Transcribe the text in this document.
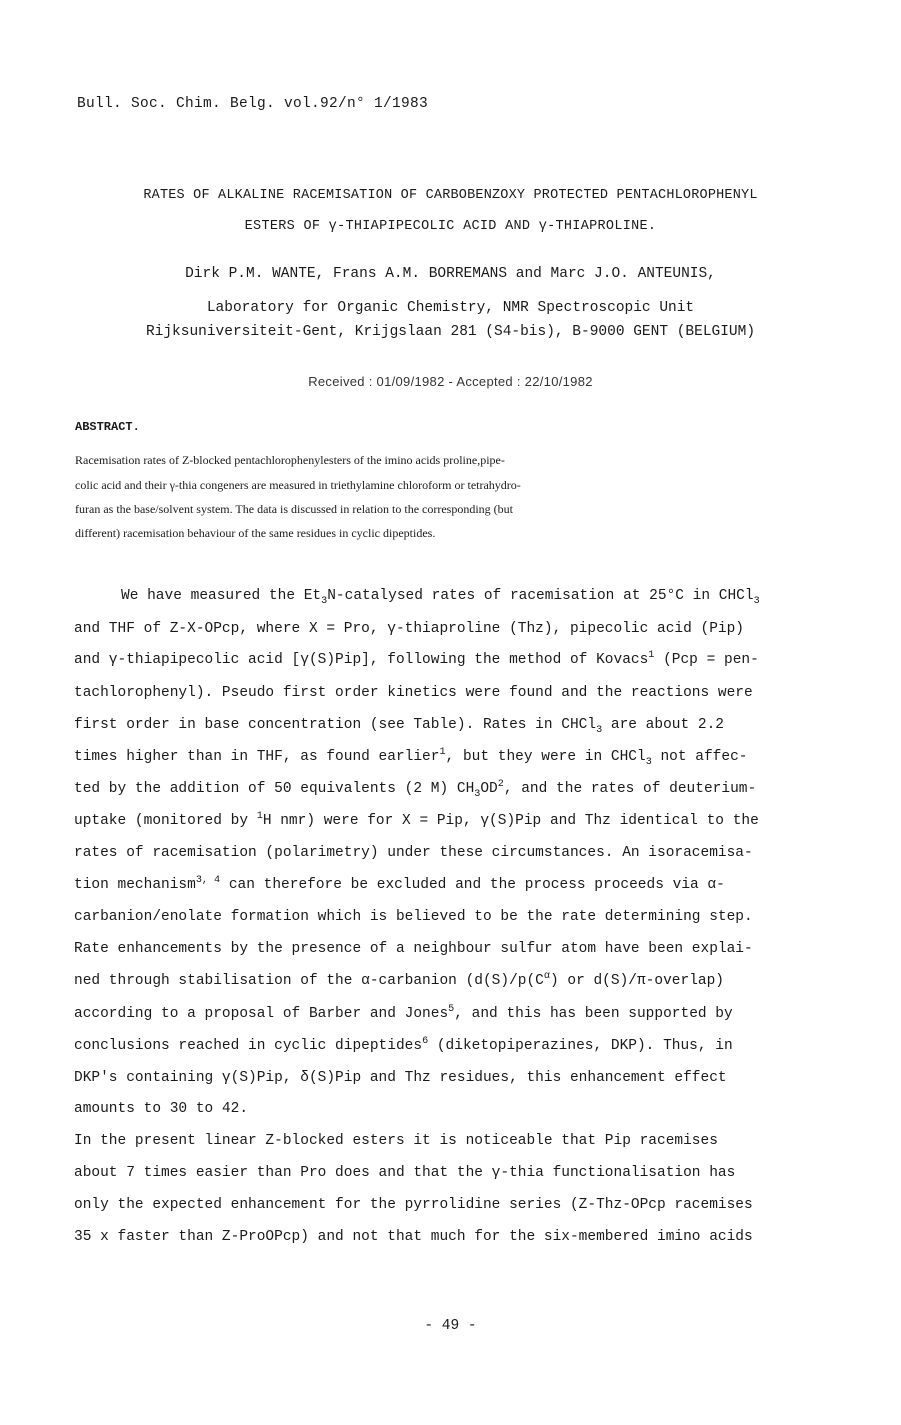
Bull. Soc. Chim. Belg. vol.92/n° 1/1983
RATES OF ALKALINE RACEMISATION OF CARBOBENZOXY PROTECTED PENTACHLOROPHENYL
ESTERS OF γ-THIAPIPECOLIC ACID AND γ-THIAPROLINE.
Dirk P.M. WANTE, Frans A.M. BORREMANS and Marc J.O. ANTEUNIS,
Laboratory for Organic Chemistry, NMR Spectroscopic Unit
Rijksuniversiteit-Gent, Krijgslaan 281 (S4-bis), B-9000 GENT (BELGIUM)
Received : 01/09/1982 - Accepted : 22/10/1982
ABSTRACT.
Racemisation rates of Z-blocked pentachlorophenylesters of the imino acids proline,pipe-
colic acid and their γ-thia congeners are measured in triethylamine chloroform or tetrahydro-
furan as the base/solvent system. The data is discussed in relation to the corresponding (but
different) racemisation behaviour of the same residues in cyclic dipeptides.
We have measured the $Et_3N$-catalysed rates of racemisation at 25°C in CHCl$_3$
and THF of Z-X-OPcp, where X = Pro, γ-thiaproline (Thz), pipecolic acid (Pip)
and γ-thiapipecolic acid [γ(S)Pip], following the method of Kovacs$^1$ (Pcp = pen-
tachlorophenyl). Pseudo first order kinetics were found and the reactions were
first order in base concentration (see Table). Rates in CHCl$_3$ are about 2.2
times higher than in THF, as found earlier$^1$, but they were in CHCl$_3$ not affec-
ted by the addition of 50 equivalents (2 M) $CH_3OD^2$, and the rates of deuterium-
uptake (monitored by $^1$H nmr) were for X = Pip, γ(S)Pip and Thz identical to the
rates of racemisation (polarimetry) under these circumstances. An isoracemisa-
tion mechanism$^{3, 4}$ can therefore be excluded and the process proceeds via α-
carbanion/enolate formation which is believed to be the rate determining step.
Rate enhancements by the presence of a neighbour sulfur atom have been explai-
ned through stabilisation of the α-carbanion ($d(S)/p(C^\alpha)$ or d(S)/π-overlap)
according to a proposal of Barber and Jones$^5$, and this has been supported by
conclusions reached in cyclic dipeptides$^6$ (diketopiperazines, DKP). Thus, in
DKP's containing γ(S)Pip, δ(S)Pip and Thz residues, this enhancement effect
amounts to 30 to 42.
In the present linear Z-blocked esters it is noticeable that Pip racemises
about 7 times easier than Pro does and that the γ-thia functionalisation has
only the expected enhancement for the pyrrolidine series (Z-Thz-OPcp racemises
35 x faster than Z-ProOPcp) and not that much for the six-membered imino acids
- 49 -
